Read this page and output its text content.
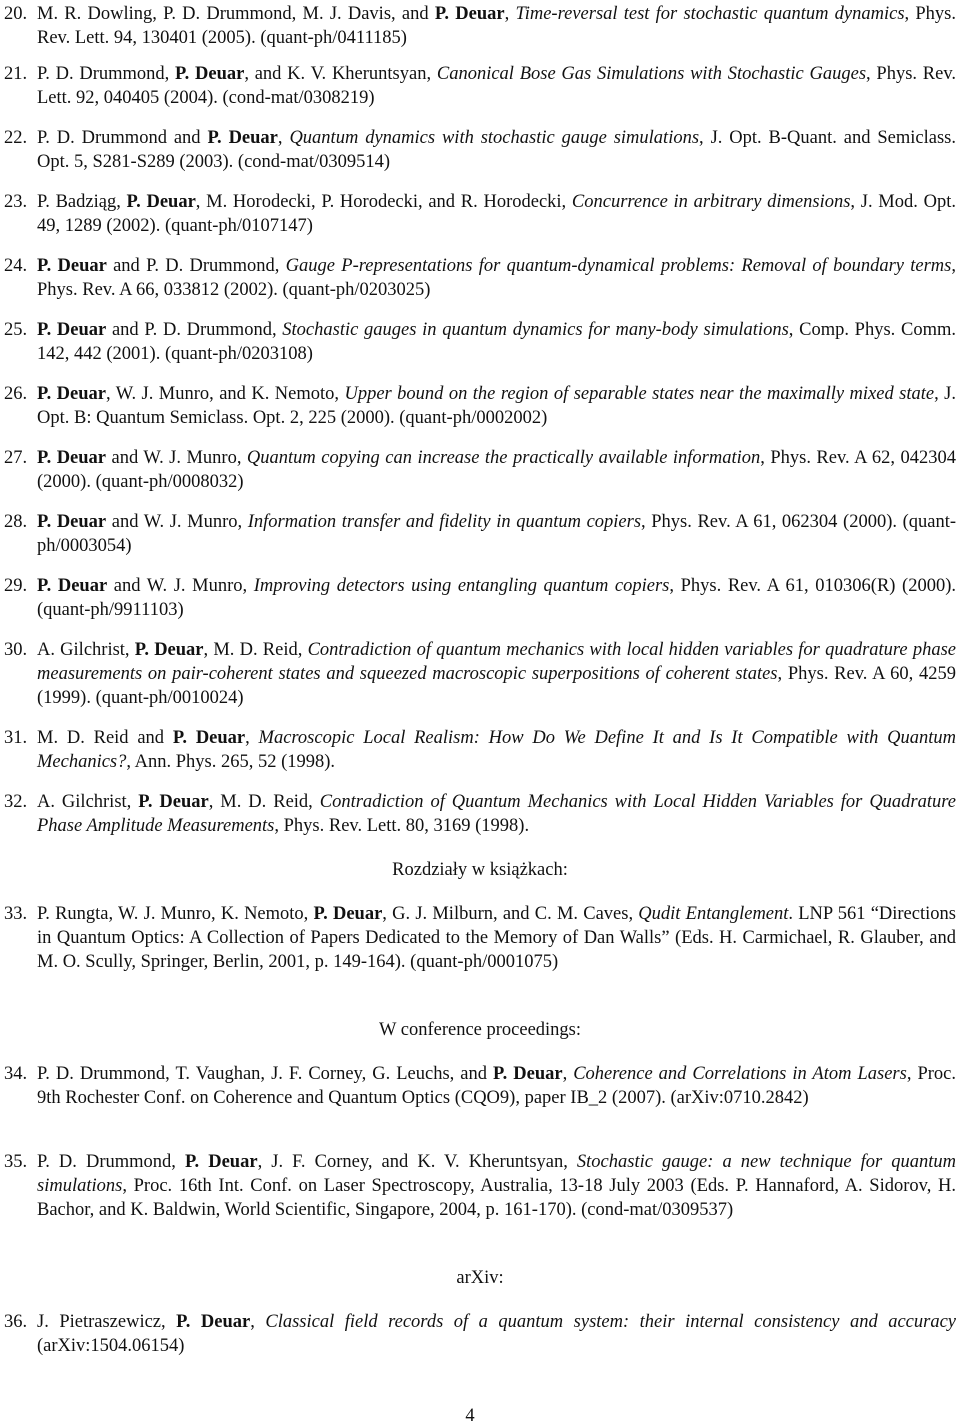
20. M. R. Dowling, P. D. Drummond, M. J. Davis, and P. Deuar, Time-reversal test for stochastic quantum dynamics, Phys. Rev. Lett. 94, 130401 (2005). (quant-ph/0411185)
21. P. D. Drummond, P. Deuar, and K. V. Kheruntsyan, Canonical Bose Gas Simulations with Stochastic Gauges, Phys. Rev. Lett. 92, 040405 (2004). (cond-mat/0308219)
22. P. D. Drummond and P. Deuar, Quantum dynamics with stochastic gauge simulations, J. Opt. B-Quant. and Semiclass. Opt. 5, S281-S289 (2003). (cond-mat/0309514)
23. P. Badziąg, P. Deuar, M. Horodecki, P. Horodecki, and R. Horodecki, Concurrence in arbitrary dimensions, J. Mod. Opt. 49, 1289 (2002). (quant-ph/0107147)
24. P. Deuar and P. D. Drummond, Gauge P-representations for quantum-dynamical problems: Removal of boundary terms, Phys. Rev. A 66, 033812 (2002). (quant-ph/0203025)
25. P. Deuar and P. D. Drummond, Stochastic gauges in quantum dynamics for many-body simulations, Comp. Phys. Comm. 142, 442 (2001). (quant-ph/0203108)
26. P. Deuar, W. J. Munro, and K. Nemoto, Upper bound on the region of separable states near the maximally mixed state, J. Opt. B: Quantum Semiclass. Opt. 2, 225 (2000). (quant-ph/0002002)
27. P. Deuar and W. J. Munro, Quantum copying can increase the practically available information, Phys. Rev. A 62, 042304 (2000). (quant-ph/0008032)
28. P. Deuar and W. J. Munro, Information transfer and fidelity in quantum copiers, Phys. Rev. A 61, 062304 (2000). (quant-ph/0003054)
29. P. Deuar and W. J. Munro, Improving detectors using entangling quantum copiers, Phys. Rev. A 61, 010306(R) (2000). (quant-ph/9911103)
30. A. Gilchrist, P. Deuar, M. D. Reid, Contradiction of quantum mechanics with local hidden variables for quadrature phase measurements on pair-coherent states and squeezed macroscopic superpositions of coherent states, Phys. Rev. A 60, 4259 (1999). (quant-ph/0010024)
31. M. D. Reid and P. Deuar, Macroscopic Local Realism: How Do We Define It and Is It Compatible with Quantum Mechanics?, Ann. Phys. 265, 52 (1998).
32. A. Gilchrist, P. Deuar, M. D. Reid, Contradiction of Quantum Mechanics with Local Hidden Variables for Quadrature Phase Amplitude Measurements, Phys. Rev. Lett. 80, 3169 (1998).
Rozdziały w książkach:
33. P. Rungta, W. J. Munro, K. Nemoto, P. Deuar, G. J. Milburn, and C. M. Caves, Qudit Entanglement. LNP 561 “Directions in Quantum Optics: A Collection of Papers Dedicated to the Memory of Dan Walls” (Eds. H. Carmichael, R. Glauber, and M. O. Scully, Springer, Berlin, 2001, p. 149-164). (quant-ph/0001075)
W conference proceedings:
34. P. D. Drummond, T. Vaughan, J. F. Corney, G. Leuchs, and P. Deuar, Coherence and Correlations in Atom Lasers, Proc. 9th Rochester Conf. on Coherence and Quantum Optics (CQO9), paper IB_2 (2007). (arXiv:0710.2842)
35. P. D. Drummond, P. Deuar, J. F. Corney, and K. V. Kheruntsyan, Stochastic gauge: a new technique for quantum simulations, Proc. 16th Int. Conf. on Laser Spectroscopy, Australia, 13-18 July 2003 (Eds. P. Hannaford, A. Sidorov, H. Bachor, and K. Baldwin, World Scientific, Singapore, 2004, p. 161-170). (cond-mat/0309537)
arXiv:
36. J. Pietraszewicz, P. Deuar, Classical field records of a quantum system: their internal consistency and accuracy (arXiv:1504.06154)
4
